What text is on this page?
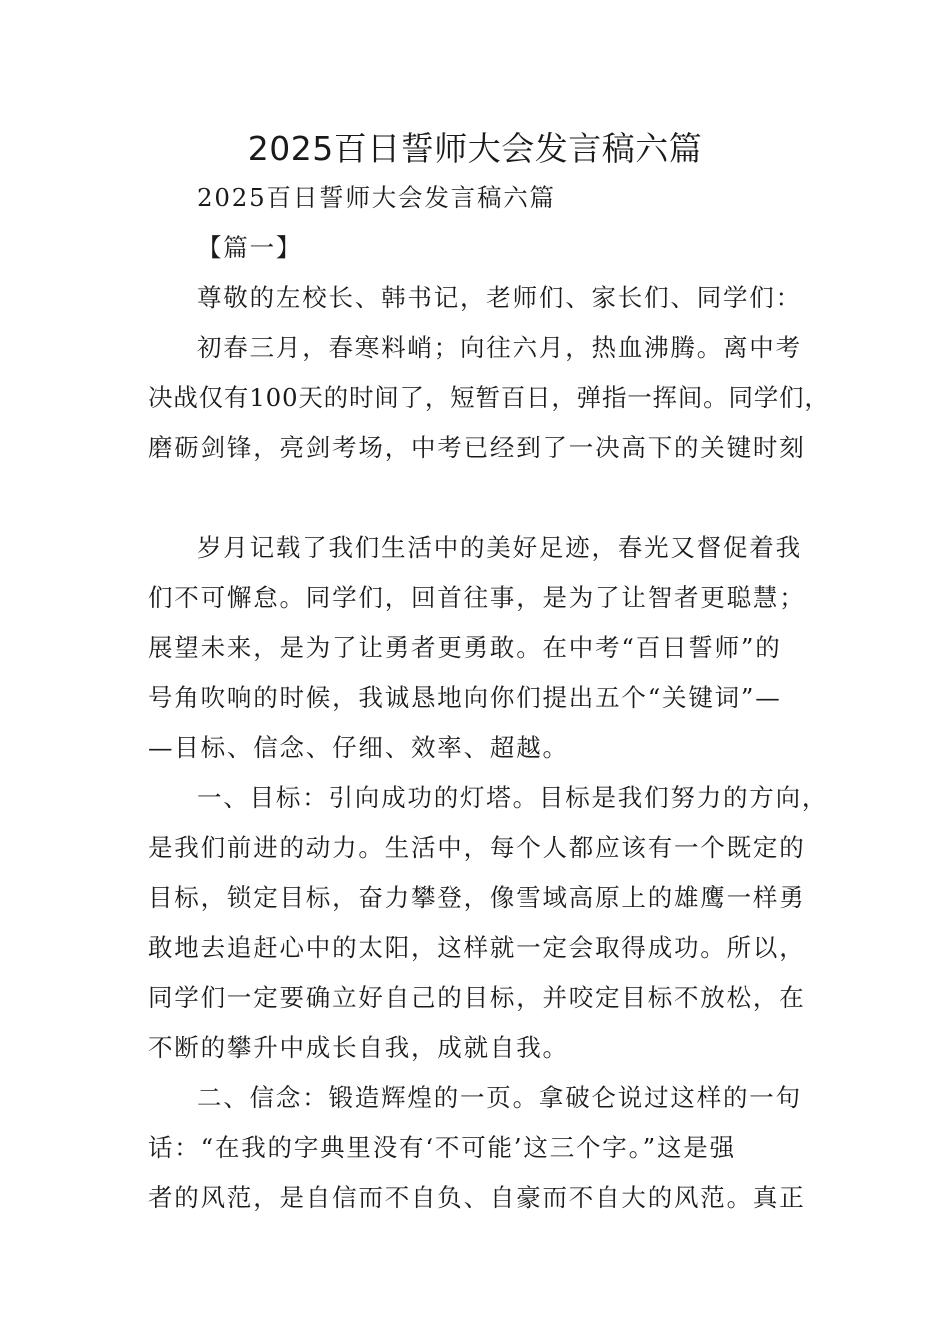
2025百日誓师大会发言稿六篇

2025百日誓师大会发言稿六篇

【篇一】

尊敬的左校长、韩书记，老师们、家长们、同学们：

初春三月，春寒料峭；向往六月，热血沸腾。离中考

决战仅有100天的时间了，短暂百日，弹指一挥间。同学们，

磨砺剑锋，亮剑考场，中考已经到了一决高下的关键时刻

岁月记载了我们生活中的美好足迹，春光又督促着我

们不可懈怠。同学们，回首往事，是为了让智者更聪慧；

展望未来，是为了让勇者更勇敢。在中考“百日誓师”的

号角吹响的时候，我诚恳地向你们提出五个“关键词”—

—目标、信念、仔细、效率、超越。

一、目标：引向成功的灯塔。目标是我们努力的方向，

是我们前进的动力。生活中，每个人都应该有一个既定的

目标，锁定目标，奋力攀登，像雪域高原上的雄鹰一样勇

敢地去追赶心中的太阳，这样就一定会取得成功。所以，

同学们一定要确立好自己的目标，并咬定目标不放松，在

不断的攀升中成长自我，成就自我。

二、信念：锻造辉煌的一页。拿破仑说过这样的一句

话：“在我的字典里没有‘不可能’这三个字。”这是强

者的风范，是自信而不自负、自豪而不自大的风范。真正
